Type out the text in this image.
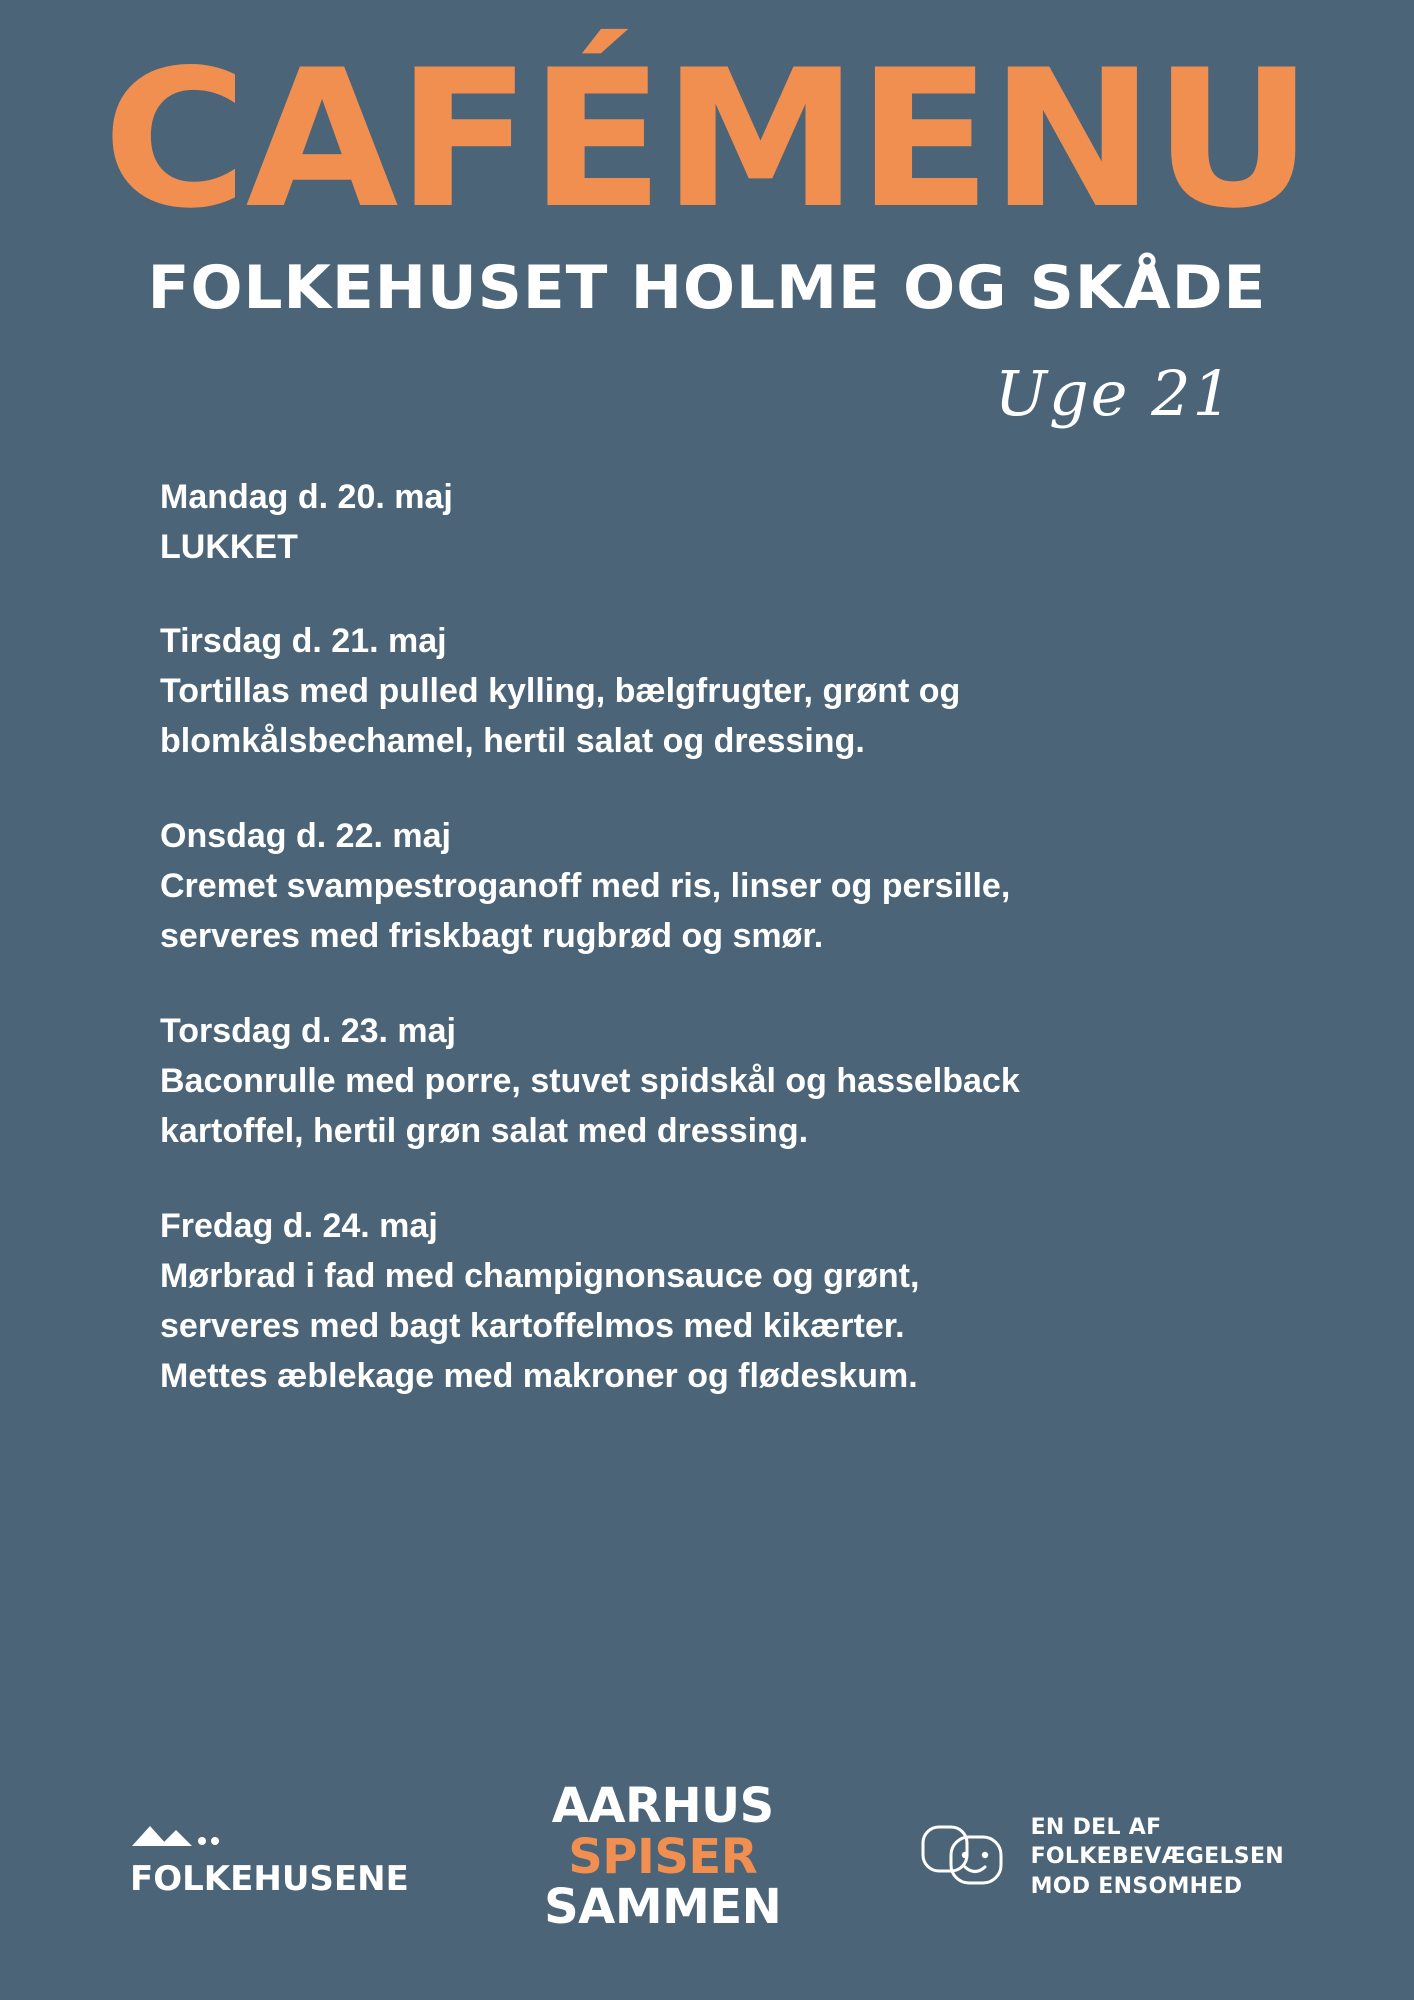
CAFÉMENU
FOLKEHUSET HOLME OG SKÅDE
Uge 21
Mandag d. 20. maj
LUKKET
Tirsdag d. 21. maj
Tortillas med pulled kylling, bælgfrugter, grønt og
blomkålsbechamel, hertil salat og dressing.
Onsdag d. 22. maj
Cremet svampestroganoff med ris, linser og persille,
serveres med friskbagt rugbrød og smør.
Torsdag d. 23. maj
Baconrulle med porre, stuvet spidskål og hasselback
kartoffel, hertil grøn salat med dressing.
Fredag d. 24. maj
Mørbrad i fad med champignonsauce og grønt,
serveres med bagt kartoffelmos med kikærter.
Mettes æblekage med makroner og flødeskum.
FOLKEHUSENE
AARHUS
SPISER
SAMMEN
EN DEL AF
FOLKEBEVÆGELSEN
MOD ENSOMHED
